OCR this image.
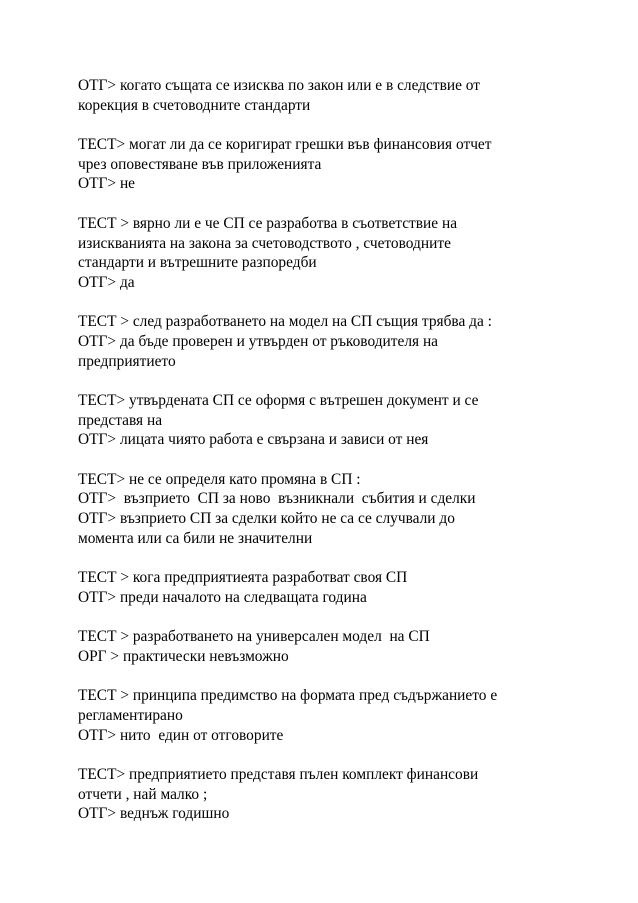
ОТГ> когато същата се изисква по закон или е в следствие от
корекция в счетоводните стандарти
ТЕСТ> могат ли да се коригират грешки във финансовия отчет
чрез оповестяване във приложенията
ОТГ> не
ТЕСТ > вярно ли е че СП се разработва в съответствие на
изискванията на закона за счетоводството , счетоводните
стандарти и вътрешните разпоредби
ОТГ> да
ТЕСТ > след разработването на модел на СП същия трябва да :
ОТГ> да бъде проверен и утвърден от ръководителя на
предприятието
ТЕСТ> утвърдената СП се оформя с вътрешен документ и се
представя на
ОТГ> лицата чиято работа е свързана и зависи от нея
ТЕСТ> не се определя като промяна в СП :
ОТГ>  възприето  СП за ново  възникнали  събития и сделки
ОТГ> възприето СП за сделки който не са се случвали до
момента или са били не значителни
ТЕСТ > кога предприятиеята разработват своя СП
ОТГ> преди началото на следващата година
ТЕСТ > разработването на универсален модел  на СП
ОРГ > практически невъзможно
ТЕСТ > принципа предимство на формата пред съдържанието е
регламентирано
ОТГ> нито  един от отговорите
ТЕСТ> предприятието представя пълен комплект финансови
отчети , най малко ;
ОТГ> веднъж годишно
